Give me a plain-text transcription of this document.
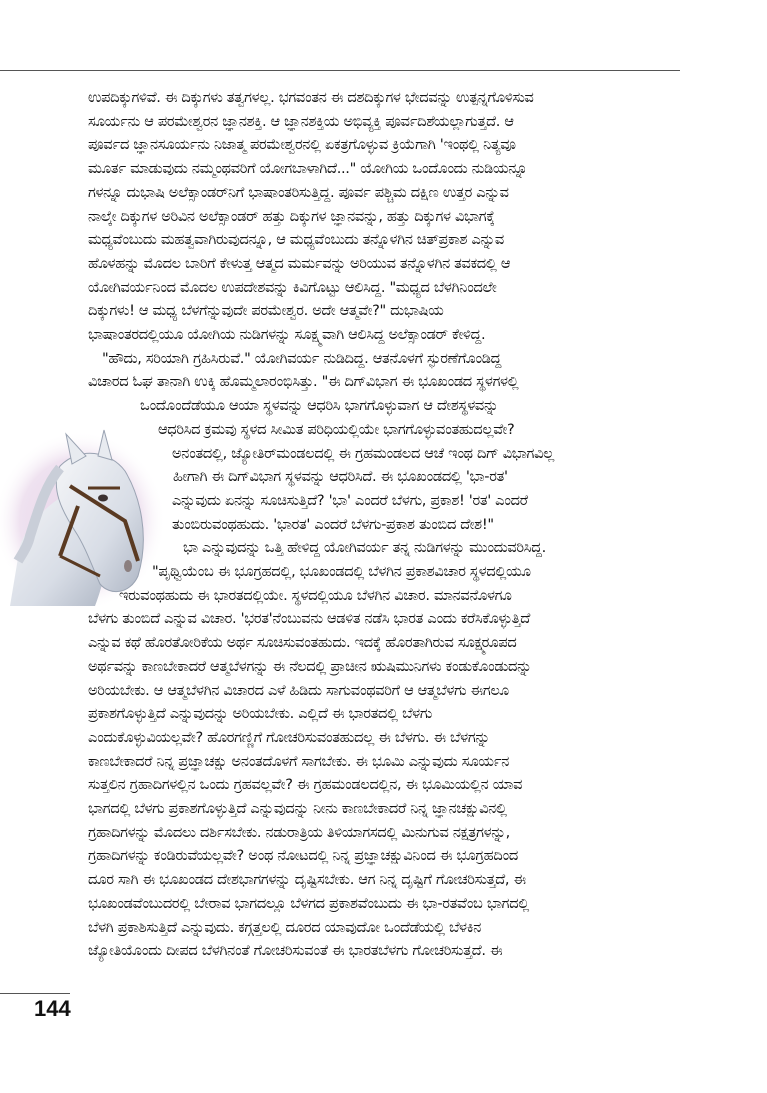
ಉಪದಿಕ್ಕುಗಳಿವೆ. ಈ ದಿಕ್ಕುಗಳು ತತ್ವಗಳಲ್ಲ. ಭಗವಂತನ ಈ ದಶದಿಕ್ಕುಗಳ ಭೇದವನ್ನು ಉತ್ಪನ್ನಗೊಳಿಸುವ
ಸೂರ್ಯನು ಆ ಪರಮೇಶ್ವರನ ಜ್ಞಾನಶಕ್ತಿ. ಆ ಜ್ಞಾನಶಕ್ತಿಯ ಅಭಿವ್ಯಕ್ತಿ ಪೂರ್ವದಿಶೆಯಲ್ಲಾಗುತ್ತದೆ. ಆ
ಪೂರ್ವದ ಜ್ಞಾನಸೂರ್ಯನು ನಿಜಾತ್ಮ ಪರಮೇಶ್ವರನಲ್ಲಿ ಏಕತ್ರಗೊಳ್ಳುವ ಕ್ರಿಯೆಗಾಗಿ 'ಇಂಥಲ್ಲಿ ನಿತ್ಯವೂ
ಮೂರ್ತ ಮಾಡುವುದು ನಮ್ಮಂಥವರಿಗೆ ಯೋಗಬಾಳಾಗಿದೆ..." ಯೋಗಿಯ ಒಂದೊಂದು ನುಡಿಯನ್ನೂ
ಗಳನ್ನೂ ದುಭಾಷಿ ಅಲೆಕ್ಸಾಂಡರ್‌ನಿಗೆ ಭಾಷಾಂತರಿಸುತ್ತಿದ್ದ. ಪೂರ್ವ ಪಶ್ಚಿಮ ದಕ್ಷಿಣ ಉತ್ತರ ಎನ್ನುವ
ನಾಲ್ಕೇ ದಿಕ್ಕುಗಳ ಅರಿವಿನ ಅಲೆಕ್ಸಾಂಡರ್ ಹತ್ತು ದಿಕ್ಕುಗಳ ಜ್ಞಾನವನ್ನು, ಹತ್ತು ದಿಕ್ಕುಗಳ ವಿಭಾಗಕ್ಕೆ
ಮಧ್ಯವೆಂಬುದು ಮಹತ್ವವಾಗಿರುವುದನ್ನೂ, ಆ ಮಧ್ಯವೆಂಬುದು ತನ್ನೊಳಗಿನ ಚಿತ್‌ಪ್ರಕಾಶ ಎನ್ನುವ
ಹೊಳಹನ್ನು ಮೊದಲ ಬಾರಿಗೆ ಕೇಳುತ್ತ ಆತ್ಮದ ಮರ್ಮವನ್ನು ಅರಿಯುವ ತನ್ನೊಳಗಿನ ತವಕದಲ್ಲಿ ಆ
ಯೋಗಿವರ್ಯನಿಂದ ಮೊದಲ ಉಪದೇಶವನ್ನು ಕಿವಿಗೊಟ್ಟು ಆಲಿಸಿದ್ದ. "ಮಧ್ಯದ ಬೆಳಗಿನಿಂದಲೇ
ದಿಕ್ಕುಗಳು! ಆ ಮಧ್ಯ ಬೆಳಗೆನ್ನುವುದೇ ಪರಮೇಶ್ವರ. ಅದೇ ಆತ್ಮವೇ?" ದುಭಾಷಿಯ
ಭಾಷಾಂತರದಲ್ಲಿಯೂ ಯೋಗಿಯ ನುಡಿಗಳನ್ನು ಸೂಕ್ಷ್ಮವಾಗಿ ಆಲಿಸಿದ್ದ ಅಲೆಕ್ಸಾಂಡರ್ ಕೇಳಿದ್ದ.
"ಹೌದು, ಸರಿಯಾಗಿ ಗ್ರಹಿಸಿರುವೆ." ಯೋಗಿವರ್ಯ ನುಡಿದಿದ್ದ. ಆತನೊಳಗೆ ಸ್ಫುರಣೆಗೊಂಡಿದ್ದ
ವಿಚಾರದ ಓಘ ತಾನಾಗಿ ಉಕ್ಕಿ ಹೊಮ್ಮಲಾರಂಭಿಸಿತ್ತು. "ಈ ದಿಗ್‌ವಿಭಾಗ ಈ ಭೂಖಂಡದ ಸ್ಥಳಗಳಲ್ಲಿ
ಒಂದೊಂದೆಡೆಯೂ ಆಯಾ ಸ್ಥಳವನ್ನು ಆಧರಿಸಿ ಭಾಗಗೊಳ್ಳುವಾಗ ಆ ದೇಶಸ್ಥಳವನ್ನು
ಆಧರಿಸಿದ ಕ್ರಮವು ಸ್ಥಳದ ಸೀಮಿತ ಪರಿಧಿಯಲ್ಲಿಯೇ ಭಾಗಗೊಳ್ಳುವಂತಹುದಲ್ಲವೇ?
ಅನಂತದಲ್ಲಿ, ಜ್ಯೋತಿರ್‌ಮಂಡಲದಲ್ಲಿ ಈ ಗ್ರಹಮಂಡಲದ ಆಚೆ ಇಂಥ ದಿಗ್ ವಿಭಾಗವಿಲ್ಲ
ಹೀಗಾಗಿ ಈ ದಿಗ್‌ವಿಭಾಗ ಸ್ಥಳವನ್ನು ಆಧರಿಸಿದೆ. ಈ ಭೂಖಂಡದಲ್ಲಿ 'ಭಾ-ರತ'
ಎನ್ನುವುದು ಏನನ್ನು ಸೂಚಿಸುತ್ತಿದೆ? 'ಭಾ' ಎಂದರೆ ಬೆಳಗು, ಪ್ರಕಾಶ! 'ರತ' ಎಂದರೆ
ತುಂಬಿರುವಂಥಹುದು. 'ಭಾರತ' ಎಂದರೆ ಬೆಳಗು-ಪ್ರಕಾಶ ತುಂಬಿದ ದೇಶ!"
ಭಾ ಎನ್ನುವುದನ್ನು ಒತ್ತಿ ಹೇಳಿದ್ದ ಯೋಗಿವರ್ಯ ತನ್ನ ನುಡಿಗಳನ್ನು ಮುಂದುವರಿಸಿದ್ದ.
"ಪೃಥ್ವಿಯೆಂಬ ಈ ಭೂಗ್ರಹದಲ್ಲಿ, ಭೂಖಂಡದಲ್ಲಿ ಬೆಳಗಿನ ಪ್ರಕಾಶವಿಚಾರ ಸ್ಥಳದಲ್ಲಿಯೂ
ಇರುವಂಥಹುದು ಈ ಭಾರತದಲ್ಲಿಯೇ. ಸ್ಥಳದಲ್ಲಿಯೂ ಬೆಳಗಿನ ವಿಚಾರ. ಮಾನವನೊಳಗೂ
ಬೆಳಗು ತುಂಬಿದೆ ಎನ್ನುವ ವಿಚಾರ. 'ಭರತ'ನೆಂಬುವನು ಆಡಳಿತ ನಡೆಸಿ ಭಾರತ ಎಂದು ಕರೆಸಿಕೊಳ್ಳುತ್ತಿದೆ
ಎನ್ನುವ ಕಥೆ ಹೊರತೋರಿಕೆಯ ಅರ್ಥ ಸೂಚಿಸುವಂತಹುದು. ಇದಕ್ಕೆ ಹೊರತಾಗಿರುವ ಸೂಕ್ಷ್ಮರೂಪದ
ಅರ್ಥವನ್ನು ಕಾಣಬೇಕಾದರೆ ಆತ್ಮಬೆಳಗನ್ನು ಈ ನೆಲದಲ್ಲಿ ಪ್ರಾಚೀನ ಋಷಿಮುನಿಗಳು ಕಂಡುಕೊಂಡುದನ್ನು
ಅರಿಯಬೇಕು. ಆ ಆತ್ಮಬೆಳಗಿನ ವಿಚಾರದ ಎಳೆ ಹಿಡಿದು ಸಾಗುವಂಥವರಿಗೆ ಆ ಆತ್ಮಬೆಳಗು ಈಗಲೂ
ಪ್ರಕಾಶಗೊಳ್ಳುತ್ತಿದೆ ಎನ್ನುವುದನ್ನು ಅರಿಯಬೇಕು. ಎಲ್ಲಿದೆ ಈ ಭಾರತದಲ್ಲಿ ಬೆಳಗು
ಎಂದುಕೊಳ್ಳುವಿಯಲ್ಲವೇ? ಹೊರಗಣ್ಣಿಗೆ ಗೋಚರಿಸುವಂತಹುದಲ್ಲ ಈ ಬೆಳಗು. ಈ ಬೆಳಗನ್ನು
ಕಾಣಬೇಕಾದರೆ ನಿನ್ನ ಪ್ರಜ್ಞಾಚಕ್ಷು ಅನಂತದೊಳಗೆ ಸಾಗಬೇಕು. ಈ ಭೂಮಿ ಎನ್ನುವುದು ಸೂರ್ಯನ
ಸುತ್ತಲಿನ ಗ್ರಹಾದಿಗಳಲ್ಲಿನ ಒಂದು ಗ್ರಹವಲ್ಲವೇ? ಈ ಗ್ರಹಮಂಡಲದಲ್ಲಿನ, ಈ ಭೂಮಿಯಲ್ಲಿನ ಯಾವ
ಭಾಗದಲ್ಲಿ ಬೆಳಗು ಪ್ರಕಾಶಗೊಳ್ಳುತ್ತಿದೆ ಎನ್ನುವುದನ್ನು ನೀನು ಕಾಣಬೇಕಾದರೆ ನಿನ್ನ ಜ್ಞಾನಚಕ್ಷುವಿನಲ್ಲಿ
ಗ್ರಹಾದಿಗಳನ್ನು ಮೊದಲು ದರ್ಶಿಸಬೇಕು. ನಡುರಾತ್ರಿಯ ತಿಳಿಯಾಗಸದಲ್ಲಿ ಮಿನುಗುವ ನಕ್ಷತ್ರಗಳನ್ನು,
ಗ್ರಹಾದಿಗಳನ್ನು ಕಂಡಿರುವೆಯಲ್ಲವೇ? ಅಂಥ ನೋಟದಲ್ಲಿ ನಿನ್ನ ಪ್ರಜ್ಞಾಚಕ್ಷುವಿನಿಂದ ಈ ಭೂಗ್ರಹದಿಂದ
ದೂರ ಸಾಗಿ ಈ ಭೂಖಂಡದ ದೇಶಭಾಗಗಳನ್ನು ದೃಷ್ಟಿಸಬೇಕು. ಆಗ ನಿನ್ನ ದೃಷ್ಟಿಗೆ ಗೋಚರಿಸುತ್ತದೆ, ಈ
ಭೂಖಂಡವೆಂಬುದರಲ್ಲಿ ಬೇರಾವ ಭಾಗದಲ್ಲೂ ಬೆಳಗದ ಪ್ರಕಾಶವೆಂಬುದು ಈ ಭಾ-ರತವೆಂಬ ಭಾಗದಲ್ಲಿ
ಬೆಳಗಿ ಪ್ರಕಾಶಿಸುತ್ತಿದೆ ಎನ್ನುವುದು. ಕಗ್ಗತ್ತಲಲ್ಲಿ ದೂರದ ಯಾವುದೋ ಒಂದೆಡೆಯಲ್ಲಿ ಬೆಳಕಿನ
ಜ್ಯೋತಿಯೊಂದು ದೀಪದ ಬೆಳಗಿನಂತೆ ಗೋಚರಿಸುವಂತೆ ಈ ಭಾರತಬೆಳಗು ಗೋಚರಿಸುತ್ತದೆ. ಈ
144
